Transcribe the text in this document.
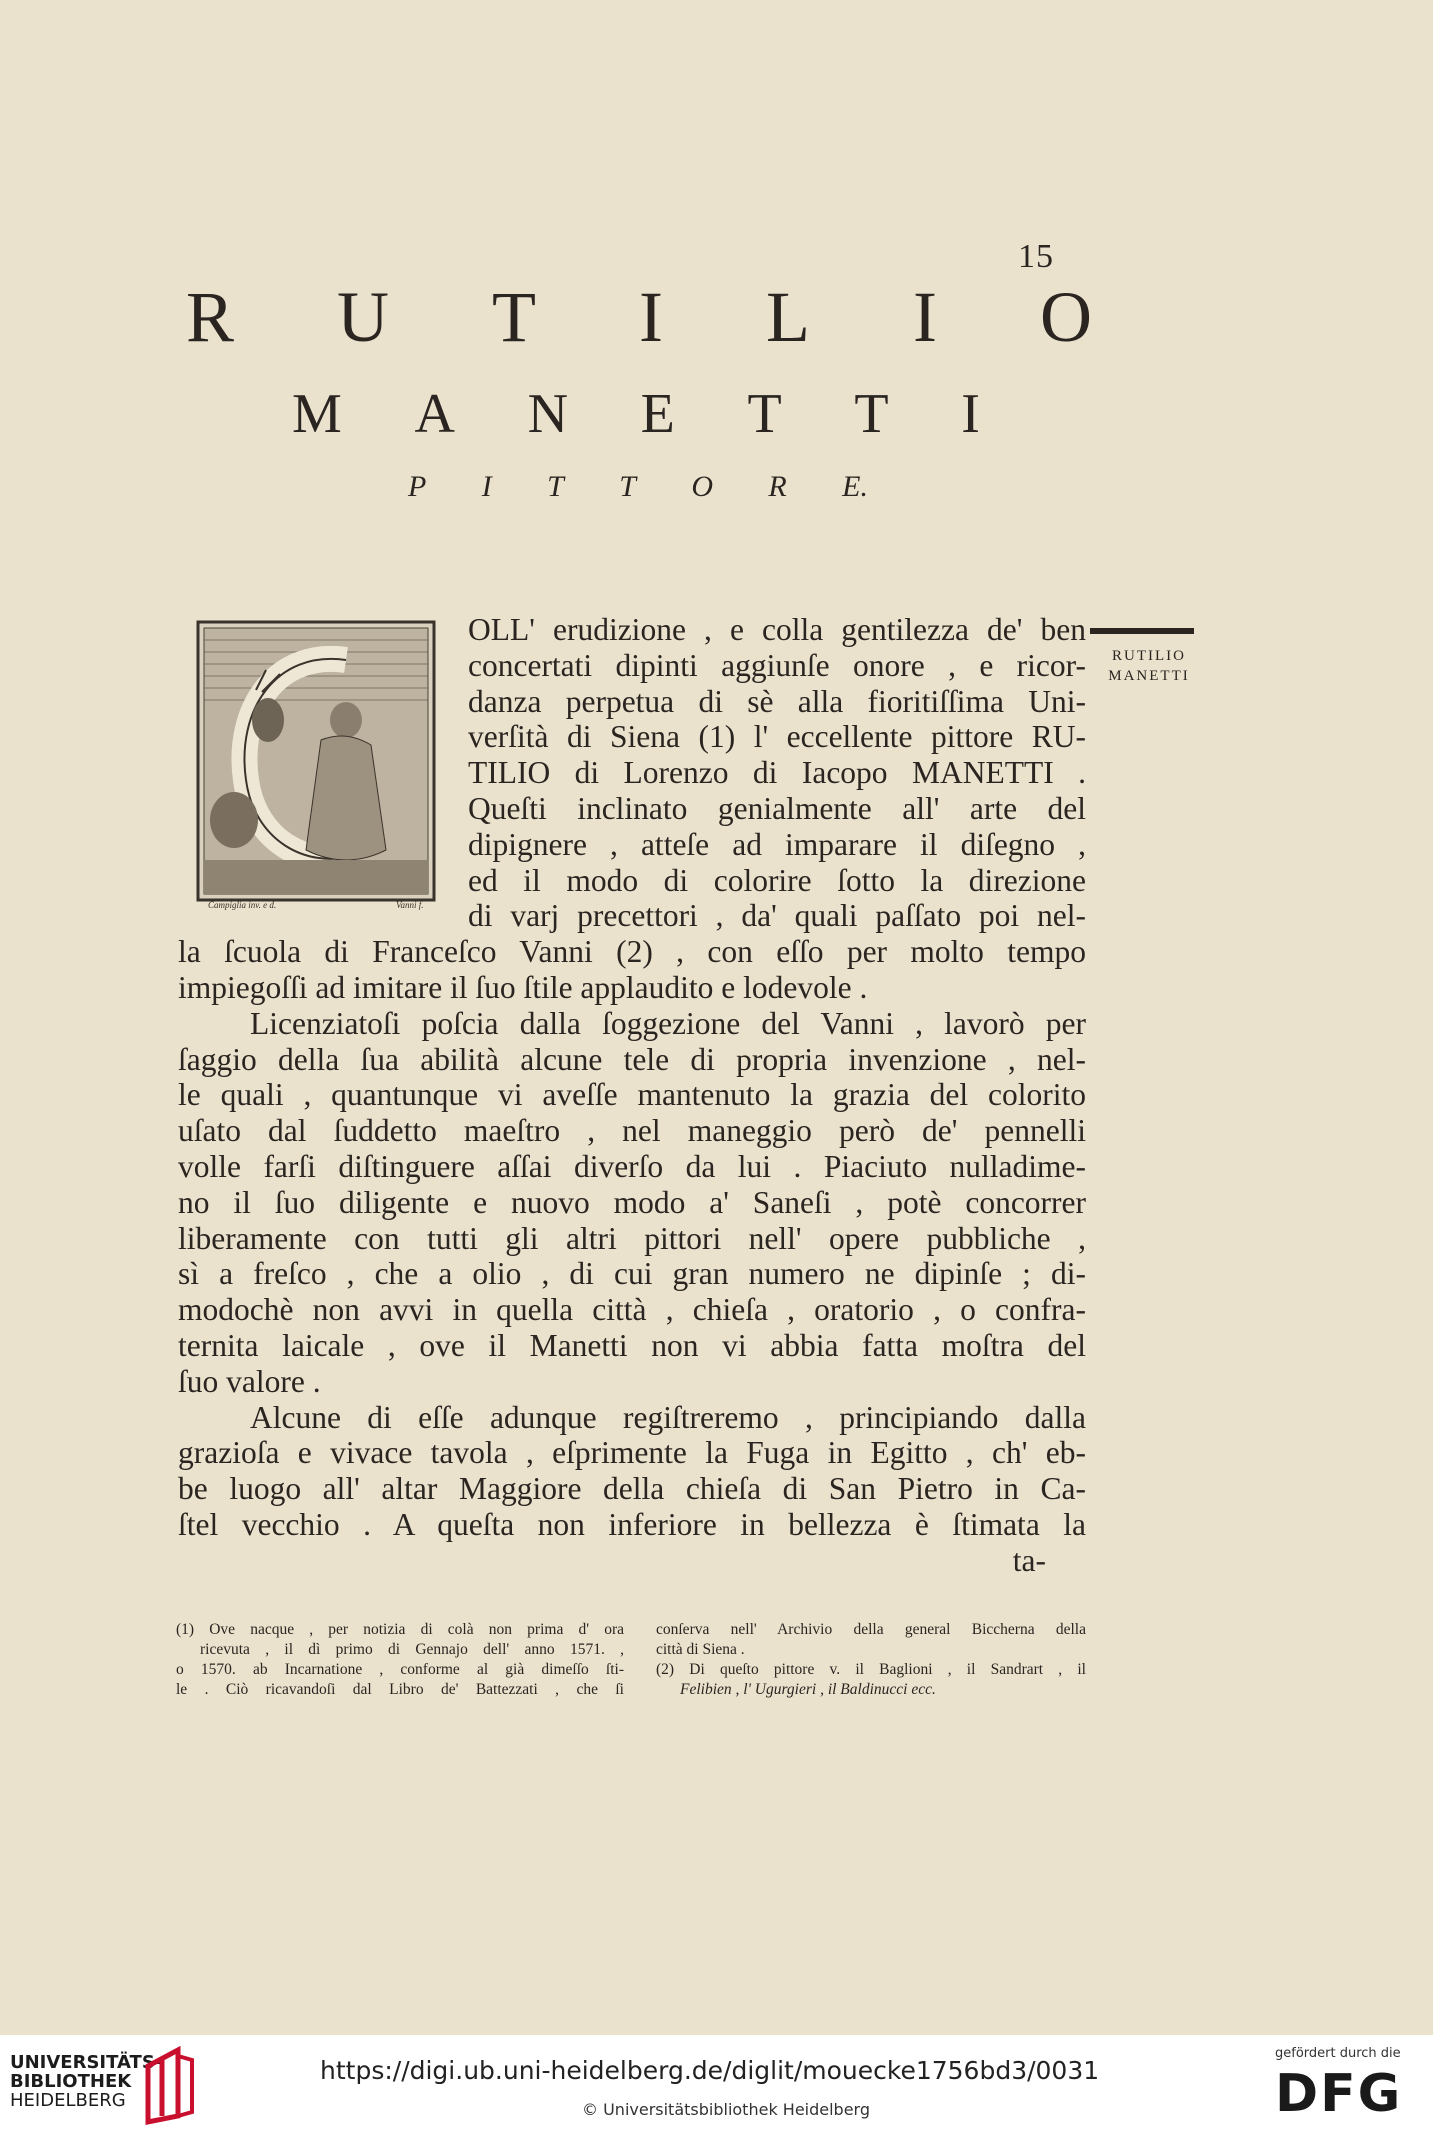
15
R U T I L I O
M A N E T T I
P I T T O R E.
Campiglia inv. e d.	Vanni f.
RUTILIO
MANETTI
OLL' erudizione , e colla gentilezza de' ben
concertati dipinti aggiunſe onore , e ricor-
danza perpetua di sè alla fioritiſſima Uni-
verſità di Siena (1) l' eccellente pittore RU-
TILIO di Lorenzo di Iacopo MANETTI .
Queſti inclinato genialmente all' arte del
dipignere , atteſe ad imparare il diſegno ,
ed il modo di colorire ſotto la direzione
di varj precettori , da' quali paſſato poi nel-
la ſcuola di Franceſco Vanni (2) , con eſſo per molto tempo
impiegoſſi ad imitare il ſuo ſtile applaudito e lodevole .
Licenziatoſi poſcia dalla ſoggezione del Vanni , lavorò per
ſaggio della ſua abilità alcune tele di propria invenzione , nel-
le quali , quantunque vi aveſſe mantenuto la grazia del colorito
uſato dal ſuddetto maeſtro , nel maneggio però de' pennelli
volle farſi diſtinguere aſſai diverſo da lui . Piaciuto nulladime-
no il ſuo diligente e nuovo modo a' Saneſi , potè concorrer
liberamente con tutti gli altri pittori nell' opere pubbliche ,
sì a freſco , che a olio , di cui gran numero ne dipinſe ; di-
modochè non avvi in quella città , chieſa , oratorio , o confra-
ternita laicale , ove il Manetti non vi abbia fatta moſtra del
ſuo valore .
Alcune di eſſe adunque regiſtreremo , principiando dalla
grazioſa e vivace tavola , eſprimente la Fuga in Egitto , ch' eb-
be luogo all' altar Maggiore della chieſa di San Pietro in Ca-
ſtel vecchio . A queſta non inferiore in bellezza è ſtimata la
ta-
(1) Ove nacque , per notizia di colà non prima d' ora
ricevuta , il dì primo di Gennajo dell' anno 1571. ,
o 1570. ab Incarnatione , conforme al già dimeſſo ſti-
le . Ciò ricavandoſi dal Libro de' Battezzati , che ſi
conſerva nell' Archivio della general Biccherna della
città di Siena .
(2) Di queſto pittore v. il Baglioni , il Sandrart , il
Felibien , l' Ugurgieri , il Baldinucci ecc.
UNIVERSITÄTS-
BIBLIOTHEK
HEIDELBERG
https://digi.ub.uni-heidelberg.de/diglit/mouecke1756bd3/0031
© Universitätsbibliothek Heidelberg
gefördert durch die
DFG
